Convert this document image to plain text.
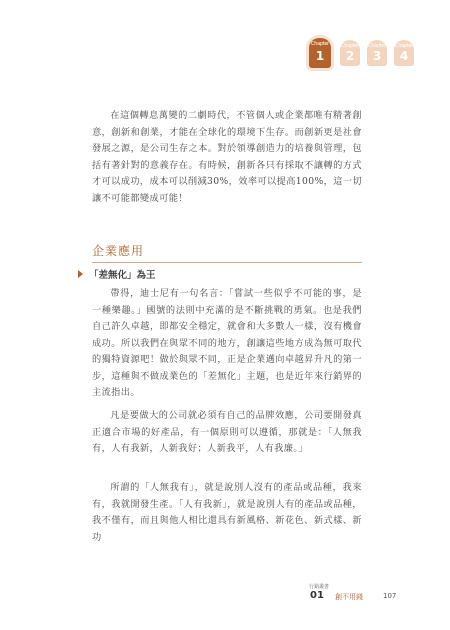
Chapter
1
Chapter
2
Chapter
3
Chapter
4

在這個轉息萬變的二劇時代，不管個人或企業都唯有精著創意，創新和創業，才能在全球化的環境下生存。而創新更是社會發展之源，是公司生存之本。對於領導創造力的培養與管理，包括有著針對的意義存在。有時候，創新各只有採取不讓轉的方式才可以成功，成本可以削減30%，效率可以提高100%，這一切讓不可能都變成可能！

企業應用
「差無化」為王

帶得，迪士尼有一句名言：「嘗試一些似乎不可能的事，是一種樂趣。」國號的法則中充滿的是不斷挑戰的勇氣。也是我們自己許久卓越，即都安全穩定，就會和大多數人一樣，沒有機會成功。所以我們在與眾不同的地方，創讓這些地方成為無可取代的獨特資源吧！做於與眾不同，正是企業邁向卓越昇升凡的第一步，這種與不做成業色的「差無化」主題，也是近年來行銷界的主流指出。

凡是要做大的公司就必須有自己的品牌效應，公司要開發真正適合市場的好產品，有一個原則可以遵循，那就是：「人無我有，人有我新，人新我好；人新我平，人有我廉。」

所謂的「人無我有」，就是說別人沒有的產品或品種，我來有，我就開發生產。「人有我新」，就是說別人有的產品或品種，我不僅有，而且與他人相比還具有新風格、新花色、新式樣、新功

行銷叢書
01 創不用錢	107
